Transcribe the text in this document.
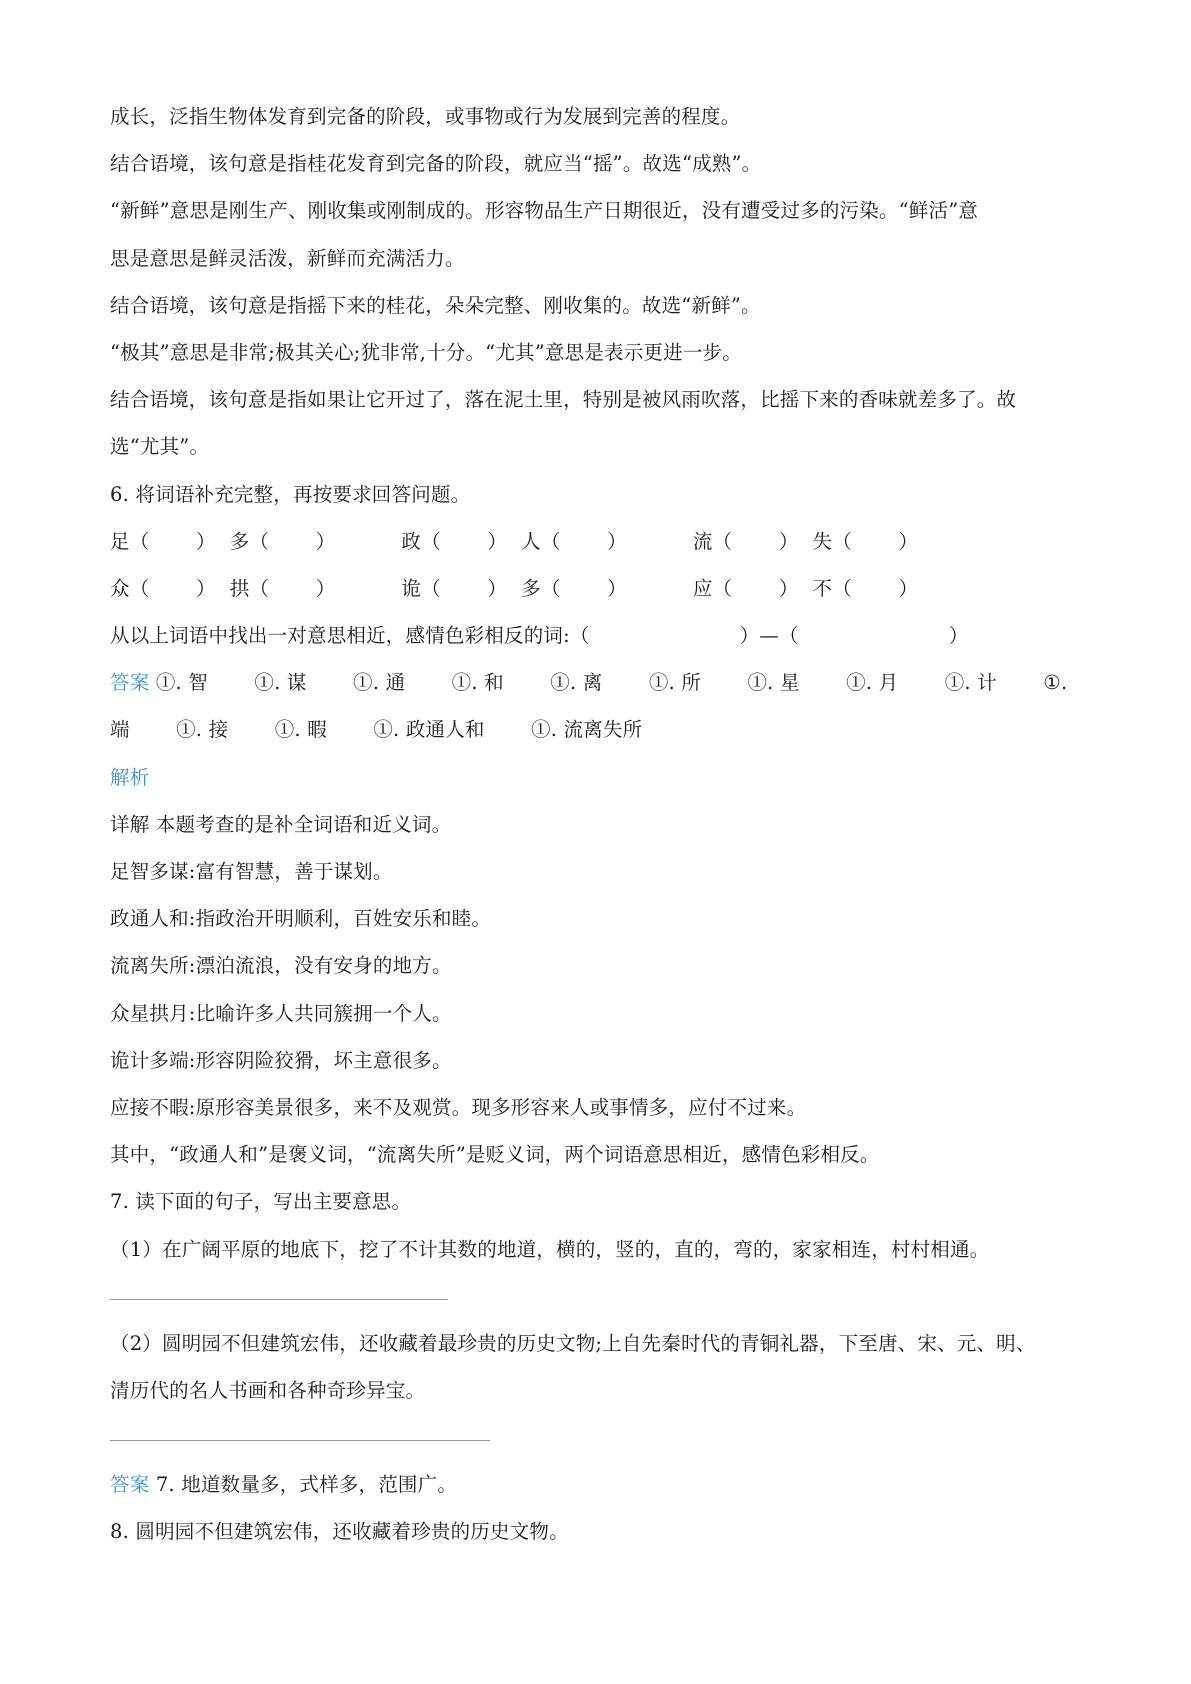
成长，泛指生物体发育到完备的阶段，或事物或行为发展到完善的程度。
结合语境，该句意是指桂花发育到完备的阶段，就应当“摇”。故选“成熟”。
“新鲜”意思是刚生产、刚收集或刚制成的。形容物品生产日期很近，没有遭受过多的污染。“鲜活”意
思是意思是鲜灵活泼，新鲜而充满活力。
结合语境，该句意是指摇下来的桂花，朵朵完整、刚收集的。故选“新鲜”。
“极其”意思是非常;极其关心;犹非常,十分。“尤其”意思是表示更进一步。
结合语境，该句意是指如果让它开过了，落在泥土里，特别是被风雨吹落，比摇下来的香味就差多了。故
选“尤其”。
6. 将词语补充完整，再按要求回答问题。
足 （ ） 多 （ ）	政 （ ） 人 （ ）	流 （ ） 失 （ ）
众 （ ） 拱 （ ）	诡 （ ） 多 （ ）	应 （ ） 不 （ ）
从以上词语中找出一对意思相近，感情色彩相反的词:（	）—（	）
答案 ①. 智 ①. 谋 ①. 通 ①. 和 ①. 离 ①. 所 ①. 星 ①. 月 ①. 计 ①.
端 ①. 接 ①. 暇 ①. 政通人和 ①. 流离失所
解析
详解 本题考查的是补全词语和近义词。
足智多谋:富有智慧，善于谋划。
政通人和:指政治开明顺利，百姓安乐和睦。
流离失所:漂泊流浪，没有安身的地方。
众星拱月:比喻许多人共同簇拥一个人。
诡计多端:形容阴险狡猾，坏主意很多。
应接不暇:原形容美景很多，来不及观赏。现多形容来人或事情多，应付不过来。
其中，“政通人和”是褒义词，“流离失所”是贬义词，两个词语意思相近，感情色彩相反。
7. 读下面的句子，写出主要意思。
（1）在广阔平原的地底下，挖了不计其数的地道，横的，竖的，直的，弯的，家家相连，村村相通。
（2）圆明园不但建筑宏伟，还收藏着最珍贵的历史文物;上自先秦时代的青铜礼器，下至唐、宋、元、明、
清历代的名人书画和各种奇珍异宝。
答案 7. 地道数量多，式样多，范围广。
8. 圆明园不但建筑宏伟，还收藏着珍贵的历史文物。
